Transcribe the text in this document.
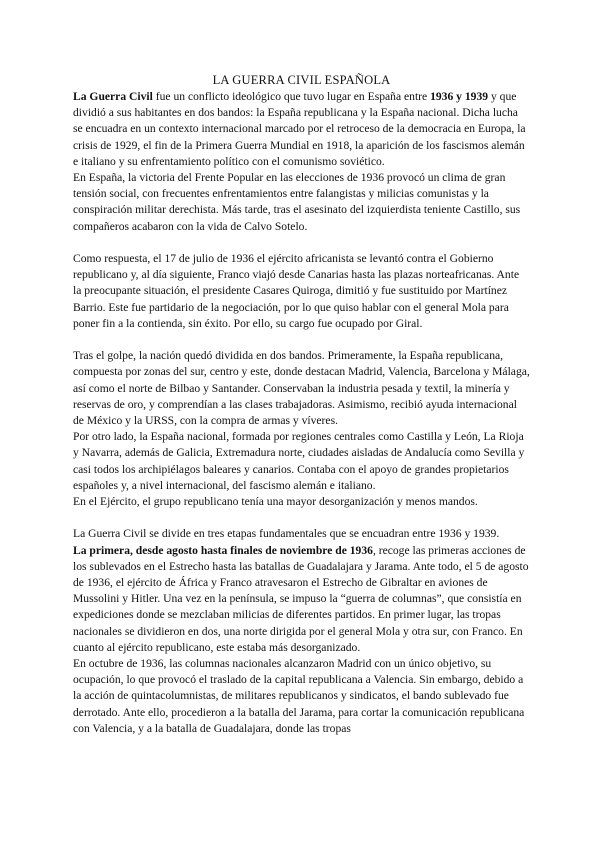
LA GUERRA CIVIL ESPAÑOLA

La Guerra Civil fue un conflicto ideológico que tuvo lugar en España entre 1936 y 1939 y que dividió a sus habitantes en dos bandos: la España republicana y la España nacional. Dicha lucha se encuadra en un contexto internacional marcado por el retroceso de la democracia en Europa, la crisis de 1929, el fin de la Primera Guerra Mundial en 1918, la aparición de los fascismos alemán e italiano y su enfrentamiento político con el comunismo soviético.

En España, la victoria del Frente Popular en las elecciones de 1936 provocó un clima de gran tensión social, con frecuentes enfrentamientos entre falangistas y milicias comunistas y la conspiración militar derechista. Más tarde, tras el asesinato del izquierdista teniente Castillo, sus compañeros acabaron con la vida de Calvo Sotelo.

Como respuesta, el 17 de julio de 1936 el ejército africanista se levantó contra el Gobierno republicano y, al día siguiente, Franco viajó desde Canarias hasta las plazas norteafricanas. Ante la preocupante situación, el presidente Casares Quiroga, dimitió y fue sustituido por Martínez Barrio. Este fue partidario de la negociación, por lo que quiso hablar con el general Mola para poner fin a la contienda, sin éxito. Por ello, su cargo fue ocupado por Giral.

Tras el golpe, la nación quedó dividida en dos bandos. Primeramente, la España republicana, compuesta por zonas del sur, centro y este, donde destacan Madrid, Valencia, Barcelona y Málaga, así como el norte de Bilbao y Santander. Conservaban la industria pesada y textil, la minería y reservas de oro, y comprendían a las clases trabajadoras. Asimismo, recibió ayuda internacional de México y la URSS, con la compra de armas y víveres.

Por otro lado, la España nacional, formada por regiones centrales como Castilla y León, La Rioja y Navarra, además de Galicia, Extremadura norte, ciudades aisladas de Andalucía como Sevilla y casi todos los archipiélagos baleares y canarios. Contaba con el apoyo de grandes propietarios españoles y, a nivel internacional, del fascismo alemán e italiano.

En el Ejército, el grupo republicano tenía una mayor desorganización y menos mandos.

La Guerra Civil se divide en tres etapas fundamentales que se encuadran entre 1936 y 1939.

La primera, desde agosto hasta finales de noviembre de 1936, recoge las primeras acciones de los sublevados en el Estrecho hasta las batallas de Guadalajara y Jarama. Ante todo, el 5 de agosto de 1936, el ejército de África y Franco atravesaron el Estrecho de Gibraltar en aviones de Mussolini y Hitler. Una vez en la península, se impuso la “guerra de columnas”, que consistía en expediciones donde se mezclaban milicias de diferentes partidos. En primer lugar, las tropas nacionales se dividieron en dos, una norte dirigida por el general Mola y otra sur, con Franco. En cuanto al ejército republicano, este estaba más desorganizado.

En octubre de 1936, las columnas nacionales alcanzaron Madrid con un único objetivo, su ocupación, lo que provocó el traslado de la capital republicana a Valencia. Sin embargo, debido a la acción de quintacolumnistas, de militares republicanos y sindicatos, el bando sublevado fue derrotado. Ante ello, procedieron a la batalla del Jarama, para cortar la comunicación republicana con Valencia, y a la batalla de Guadalajara, donde las tropas
